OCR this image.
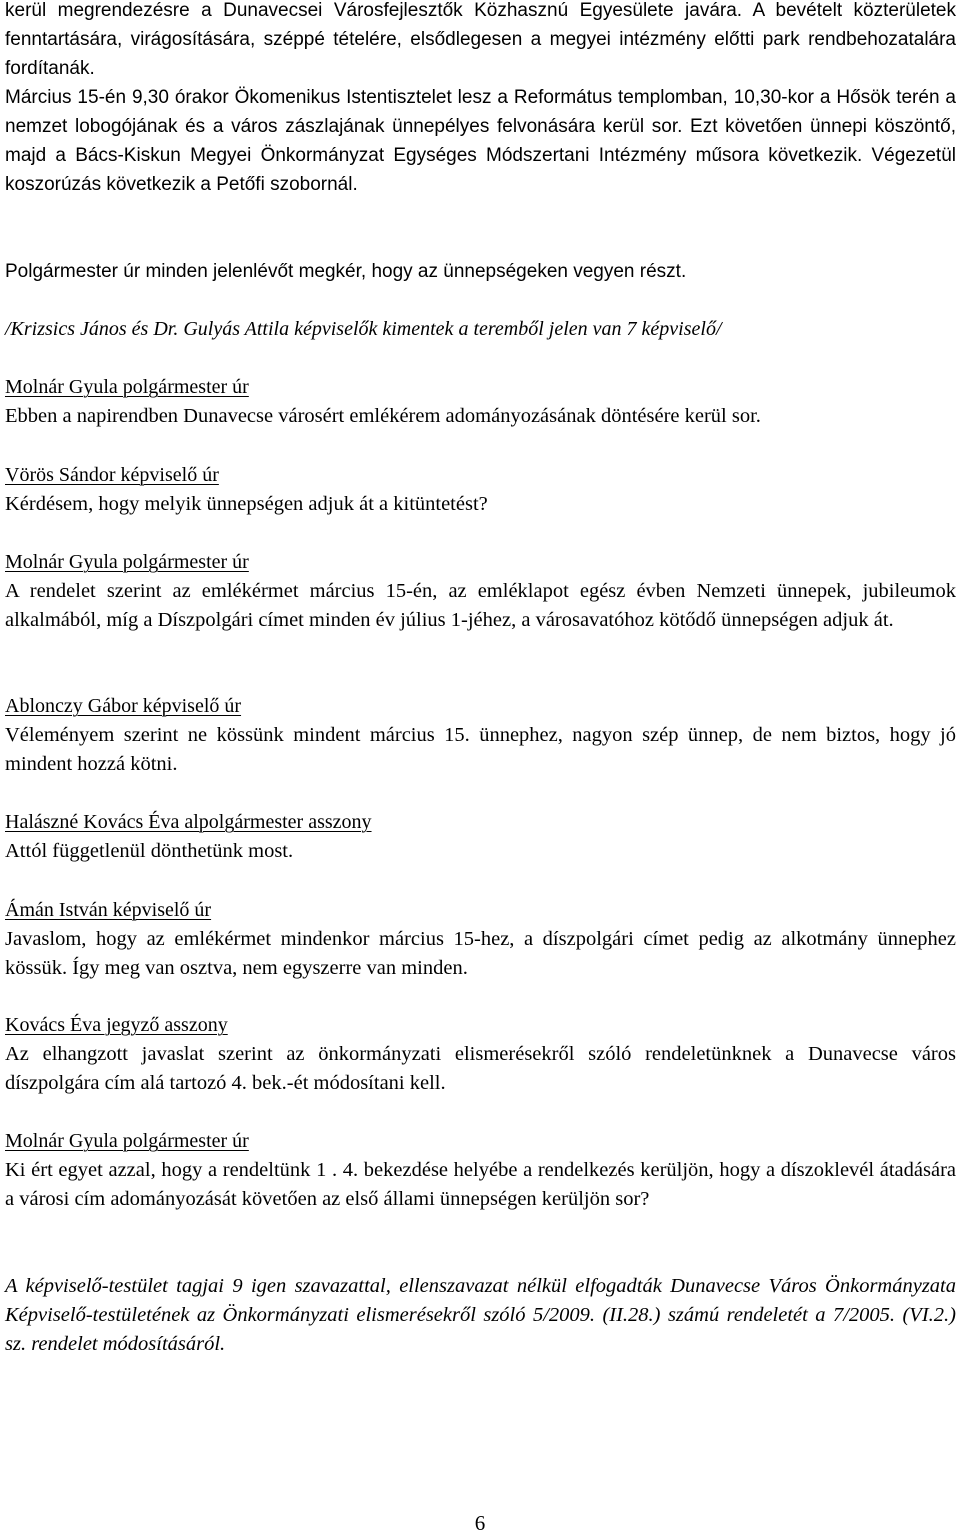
kerül megrendezésre a Dunavecsei Városfejlesztők Közhasznú Egyesülete javára. A bevételt közterületek fenntartására, virágosítására, széppé tételére, elsődlegesen a megyei intézmény előtti park rendbehozatalára fordítanák.
Március 15-én 9,30 órakor Ökomenikus Istentisztelet lesz a Református templomban, 10,30-kor a Hősök terén a nemzet lobogójának és a város zászlajának ünnepélyes felvonására kerül sor. Ezt követően ünnepi köszöntő, majd a Bács-Kiskun Megyei Önkormányzat Egységes Módszertani Intézmény műsora következik. Végezetül koszorúzás következik a Petőfi szobornál.
Polgármester úr minden jelenlévőt megkér, hogy az ünnepségeken vegyen részt.
/Krizsics János és Dr. Gulyás Attila képviselők kimentek a teremből jelen van 7 képviselő/
Molnár Gyula polgármester úr
Ebben a napirendben Dunavecse városért emlékérem adományozásának döntésére kerül sor.
Vörös Sándor képviselő úr
Kérdésem, hogy melyik ünnepségen adjuk át a kitüntetést?
Molnár Gyula polgármester úr
A rendelet szerint az emlékérmet március 15-én, az emléklapot egész évben Nemzeti ünnepek, jubileumok alkalmából, míg a Díszpolgári címet minden év július 1-jéhez, a városavatóhoz kötődő ünnepségen adjuk át.
Ablonczy Gábor képviselő úr
Véleményem szerint ne kössünk mindent március 15. ünnephez, nagyon szép ünnep, de nem biztos, hogy jó mindent hozzá kötni.
Halászné Kovács Éva alpolgármester asszony
Attól függetlenül dönthetünk most.
Ámán István képviselő úr
Javaslom, hogy az emlékérmet mindenkor március 15-hez, a díszpolgári címet pedig az alkotmány ünnephez kössük. Így meg van osztva, nem egyszerre van minden.
Kovács Éva jegyző asszony
Az elhangzott javaslat szerint az önkormányzati elismerésekről szóló rendeletünknek a Dunavecse város díszpolgára cím alá tartozó 4. bek.-ét módosítani kell.
Molnár Gyula polgármester úr
Ki ért egyet azzal, hogy a rendeltünk 1 . 4. bekezdése helyébe a rendelkezés kerüljön, hogy a díszoklevél átadására a városi cím adományozását követően az első állami ünnepségen kerüljön sor?
A képviselő-testület tagjai 9 igen szavazattal, ellenszavazat nélkül elfogadták Dunavecse Város Önkormányzata Képviselő-testületének az Önkormányzati elismerésekről szóló 5/2009. (II.28.) számú rendeletét a 7/2005. (VI.2.) sz. rendelet módosításáról.
6
